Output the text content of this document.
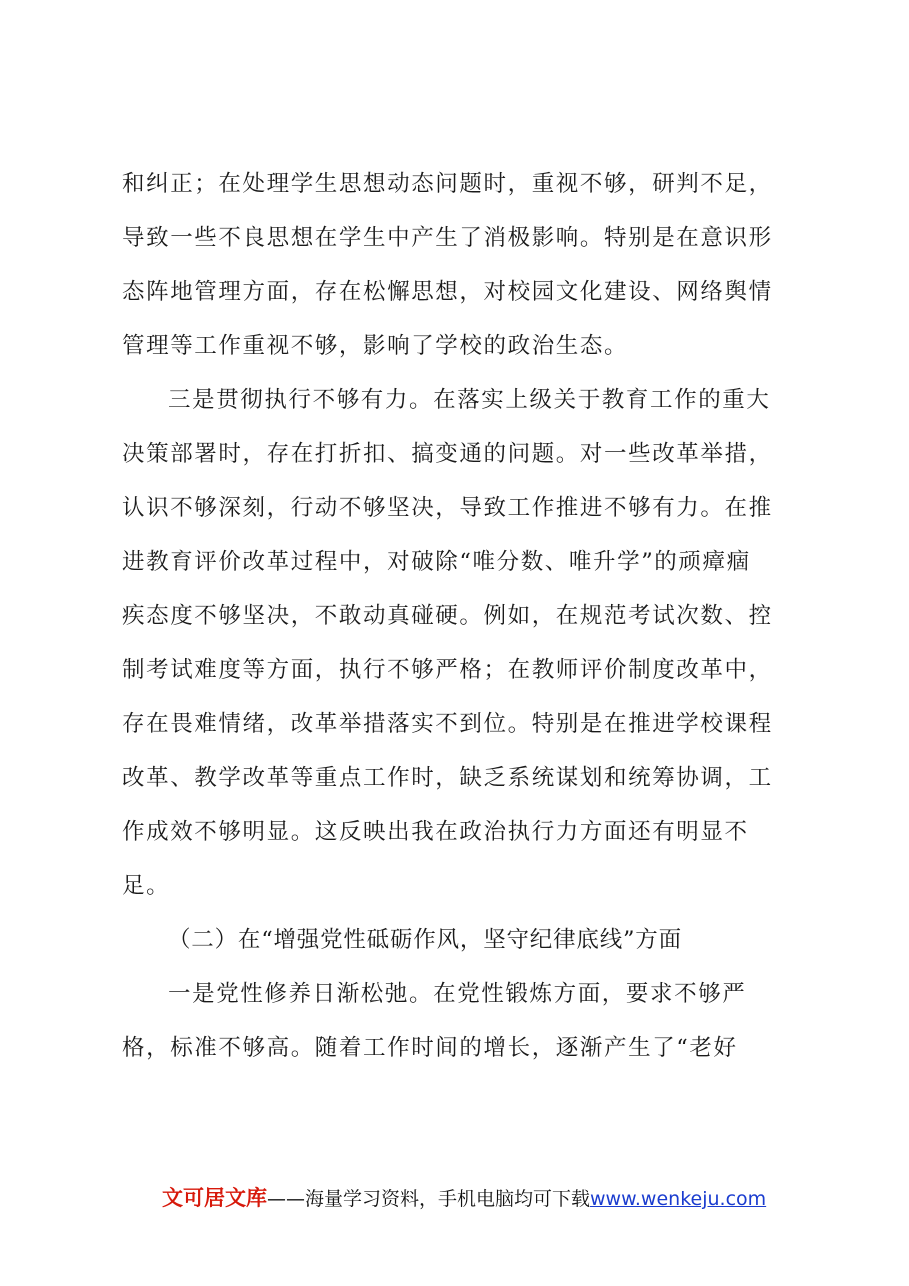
和纠正；在处理学生思想动态问题时，重视不够，研判不足，
导致一些不良思想在学生中产生了消极影响。特别是在意识形
态阵地管理方面，存在松懈思想，对校园文化建设、网络舆情
管理等工作重视不够，影响了学校的政治生态。
三是贯彻执行不够有力。在落实上级关于教育工作的重大
决策部署时，存在打折扣、搞变通的问题。对一些改革举措，
认识不够深刻，行动不够坚决，导致工作推进不够有力。在推
进教育评价改革过程中，对破除“唯分数、唯升学”的顽瘴痼
疾态度不够坚决，不敢动真碰硬。例如，在规范考试次数、控
制考试难度等方面，执行不够严格；在教师评价制度改革中，
存在畏难情绪，改革举措落实不到位。特别是在推进学校课程
改革、教学改革等重点工作时，缺乏系统谋划和统筹协调，工
作成效不够明显。这反映出我在政治执行力方面还有明显不
足。
（二）在“增强党性砥砺作风，坚守纪律底线”方面
一是党性修养日渐松弛。在党性锻炼方面，要求不够严
格，标准不够高。随着工作时间的增长，逐渐产生了“老好
文可居文库——海量学习资料，手机电脑均可下载www.wenkeju.com
